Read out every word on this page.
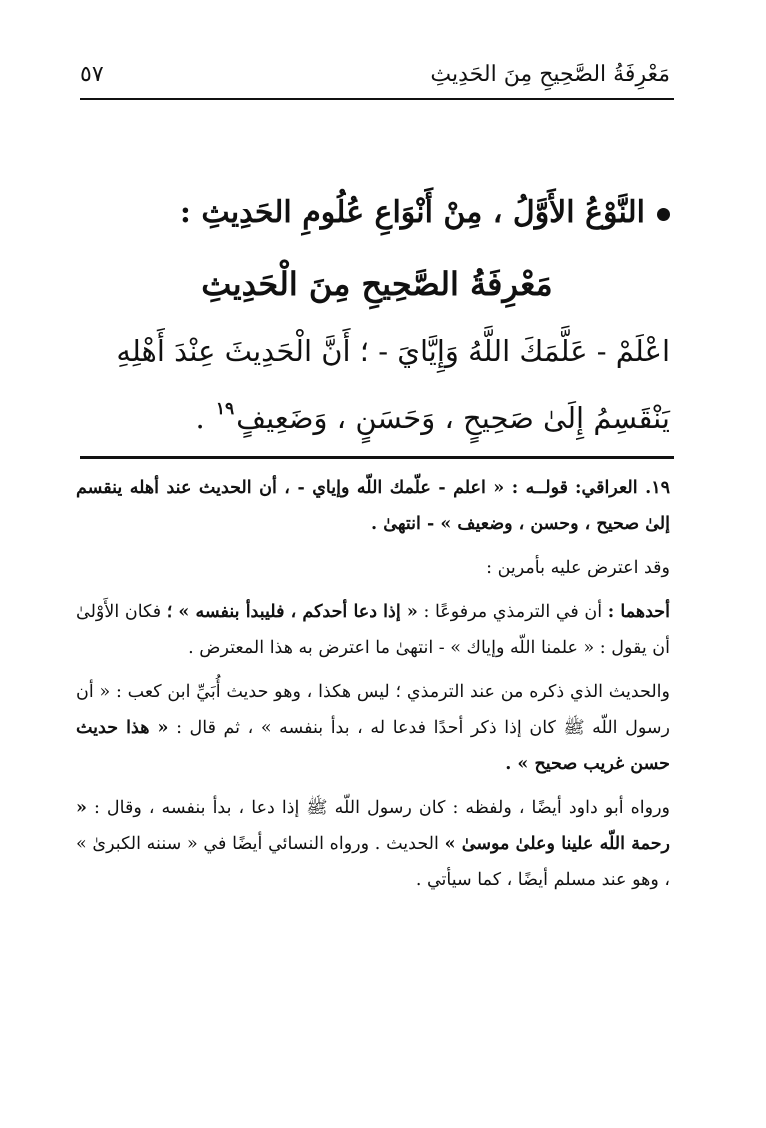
مَعْرِفَةُ الصَّحِيحِ مِنَ الحَدِيثِ
٥٧
النَّوْعُ الأَوَّلُ ، مِنْ أَنْوَاعِ عُلُومِ الحَدِيثِ :
مَعْرِفَةُ الصَّحِيحِ مِنَ الْحَدِيثِ
اعْلَمْ - عَلَّمَكَ اللَّهُ وَإِيَّايَ - ؛ أَنَّ الْحَدِيثَ عِنْدَ أَهْلِهِ يَنْقَسِمُ إِلَىٰ صَحِيحٍ ، وَحَسَنٍ ، وَضَعِيفٍ$^{١٩}$ .

١٩. العراقي: قولــه : « اعلم - علّمك اللّه وإياي - ، أن الحديث عند أهله ينقسم إلىٰ صحيح ، وحسن ، وضعيف » - انتهىٰ .

وقد اعترض عليه بأمرين :

أحدهما : أن في الترمذي مرفوعًا : « إذا دعا أحدكم ، فليبدأ بنفسه » ؛ فكان الأَوْلىٰ أن يقول : « علمنا اللّه وإياك » - انتهىٰ ما اعترض به هذا المعترض .

والحديث الذي ذكره من عند الترمذي ؛ ليس هكذا ، وهو حديث أُبَيِّ ابن كعب : « أن رسول اللّه ﷺ كان إذا ذكر أحدًا فدعا له ، بدأ بنفسه » ، ثم قال : « هذا حديث حسن غريب صحيح » .

ورواه أبو داود أيضًا ، ولفظه : كان رسول اللّه ﷺ إذا دعا ، بدأ بنفسه ، وقال : « رحمة اللّه علينا وعلىٰ موسىٰ » الحديث . ورواه النسائي أيضًا في « سننه الكبرىٰ » ، وهو عند مسلم أيضًا ، كما سيأتي .
